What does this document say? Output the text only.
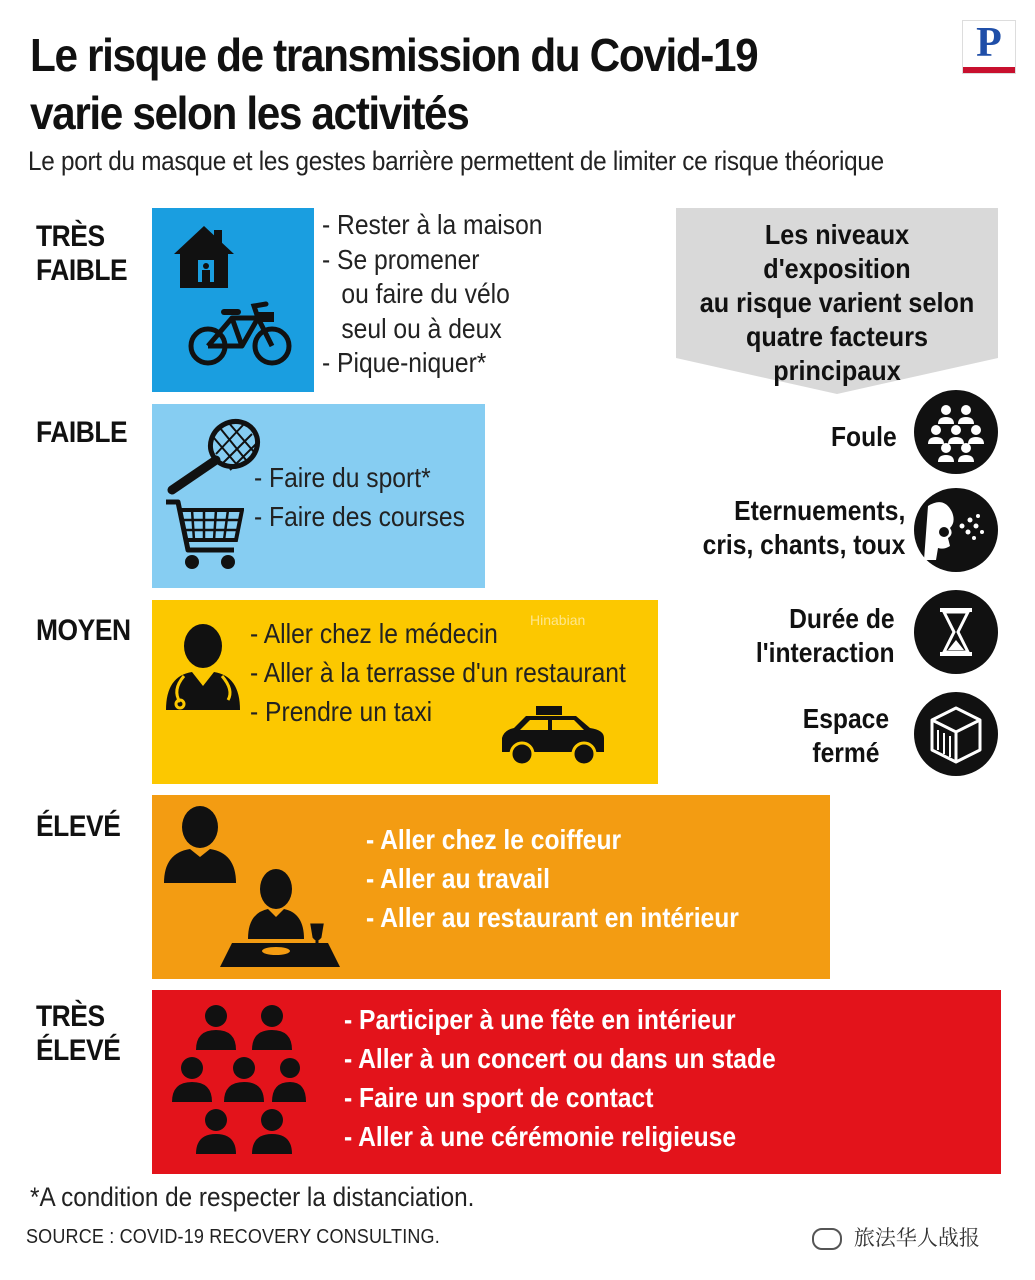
Le risque de transmission du Covid-19
varie selon les activités
Le port du masque et les gestes barrière permettent de limiter ce risque théorique
P
TRÈS
FAIBLE
FAIBLE
MOYEN
ÉLEVÉ
TRÈS
ÉLEVÉ
- Rester à la maison
- Se promener
ou faire du vélo
seul ou à deux
- Pique-niquer*
- Faire du sport*
- Faire des courses
- Aller chez le médecin
- Aller à la terrasse d'un restaurant
- Prendre un taxi
Hinabian
- Aller chez le coiffeur
- Aller au travail
- Aller au restaurant en intérieur
- Participer à une fête en intérieur
- Aller à un concert ou dans un stade
- Faire un sport de contact
- Aller à une cérémonie religieuse
Les niveaux d'exposition
au risque varient selon
quatre facteurs
principaux
Foule
Eternuements,
cris, chants, toux
Durée de
l'interaction
Espace
fermé
*A condition de respecter la distanciation.
SOURCE : COVID-19 RECOVERY CONSULTING.	旅法华人战报
